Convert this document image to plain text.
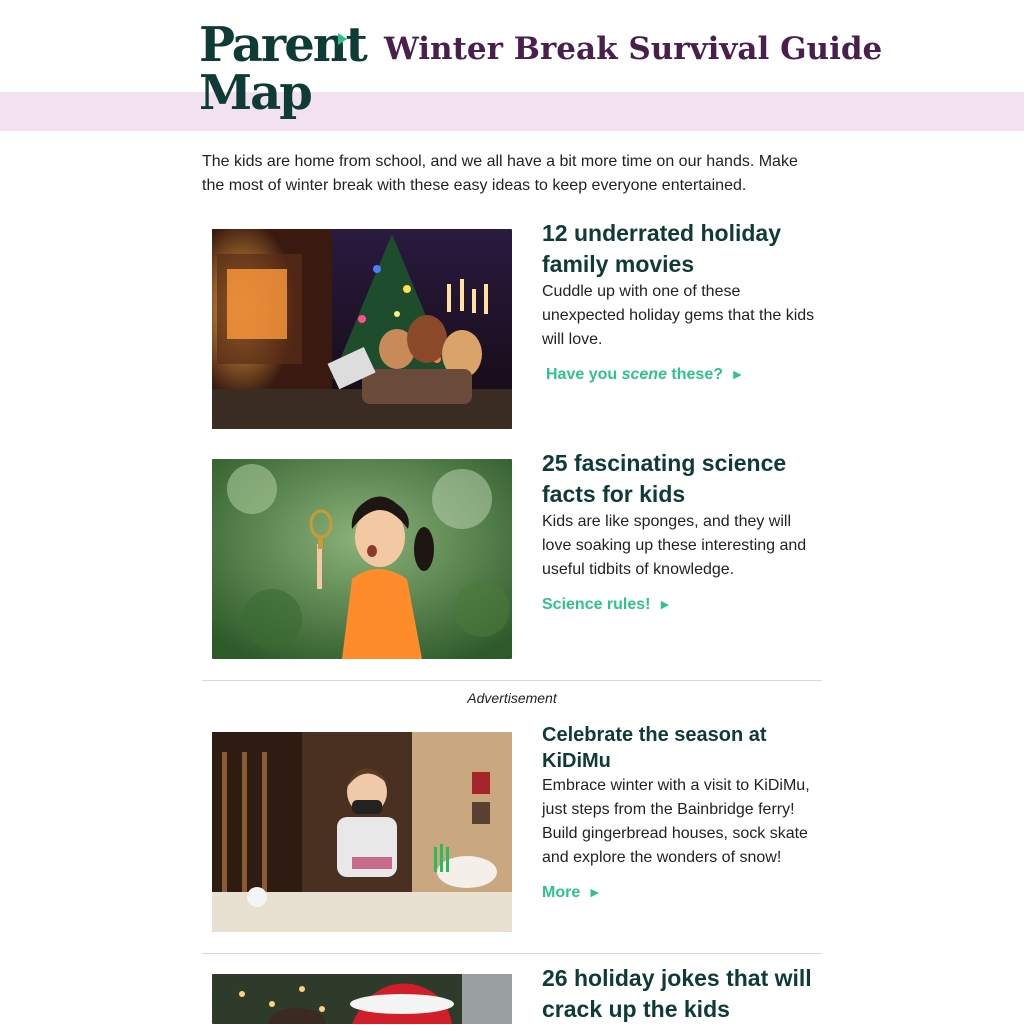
Parent
Map
Winter Break Survival Guide
The kids are home from school, and we all have a bit more time on our hands. Make the most of winter break with these easy ideas to keep everyone entertained.
12 underrated holiday family movies

Cuddle up with one of these unexpected holiday gems that the kids will love.

Have you scene these? ►
25 fascinating science facts for kids

Kids are like sponges, and they will love soaking up these interesting and useful tidbits of knowledge.

Science rules! ►
Advertisement
Celebrate the season at KiDiMu

Embrace winter with a visit to KiDiMu, just steps from the Bainbridge ferry! Build gingerbread houses, sock skate and explore the wonders of snow!

More ►
26 holiday jokes that will crack up the kids
